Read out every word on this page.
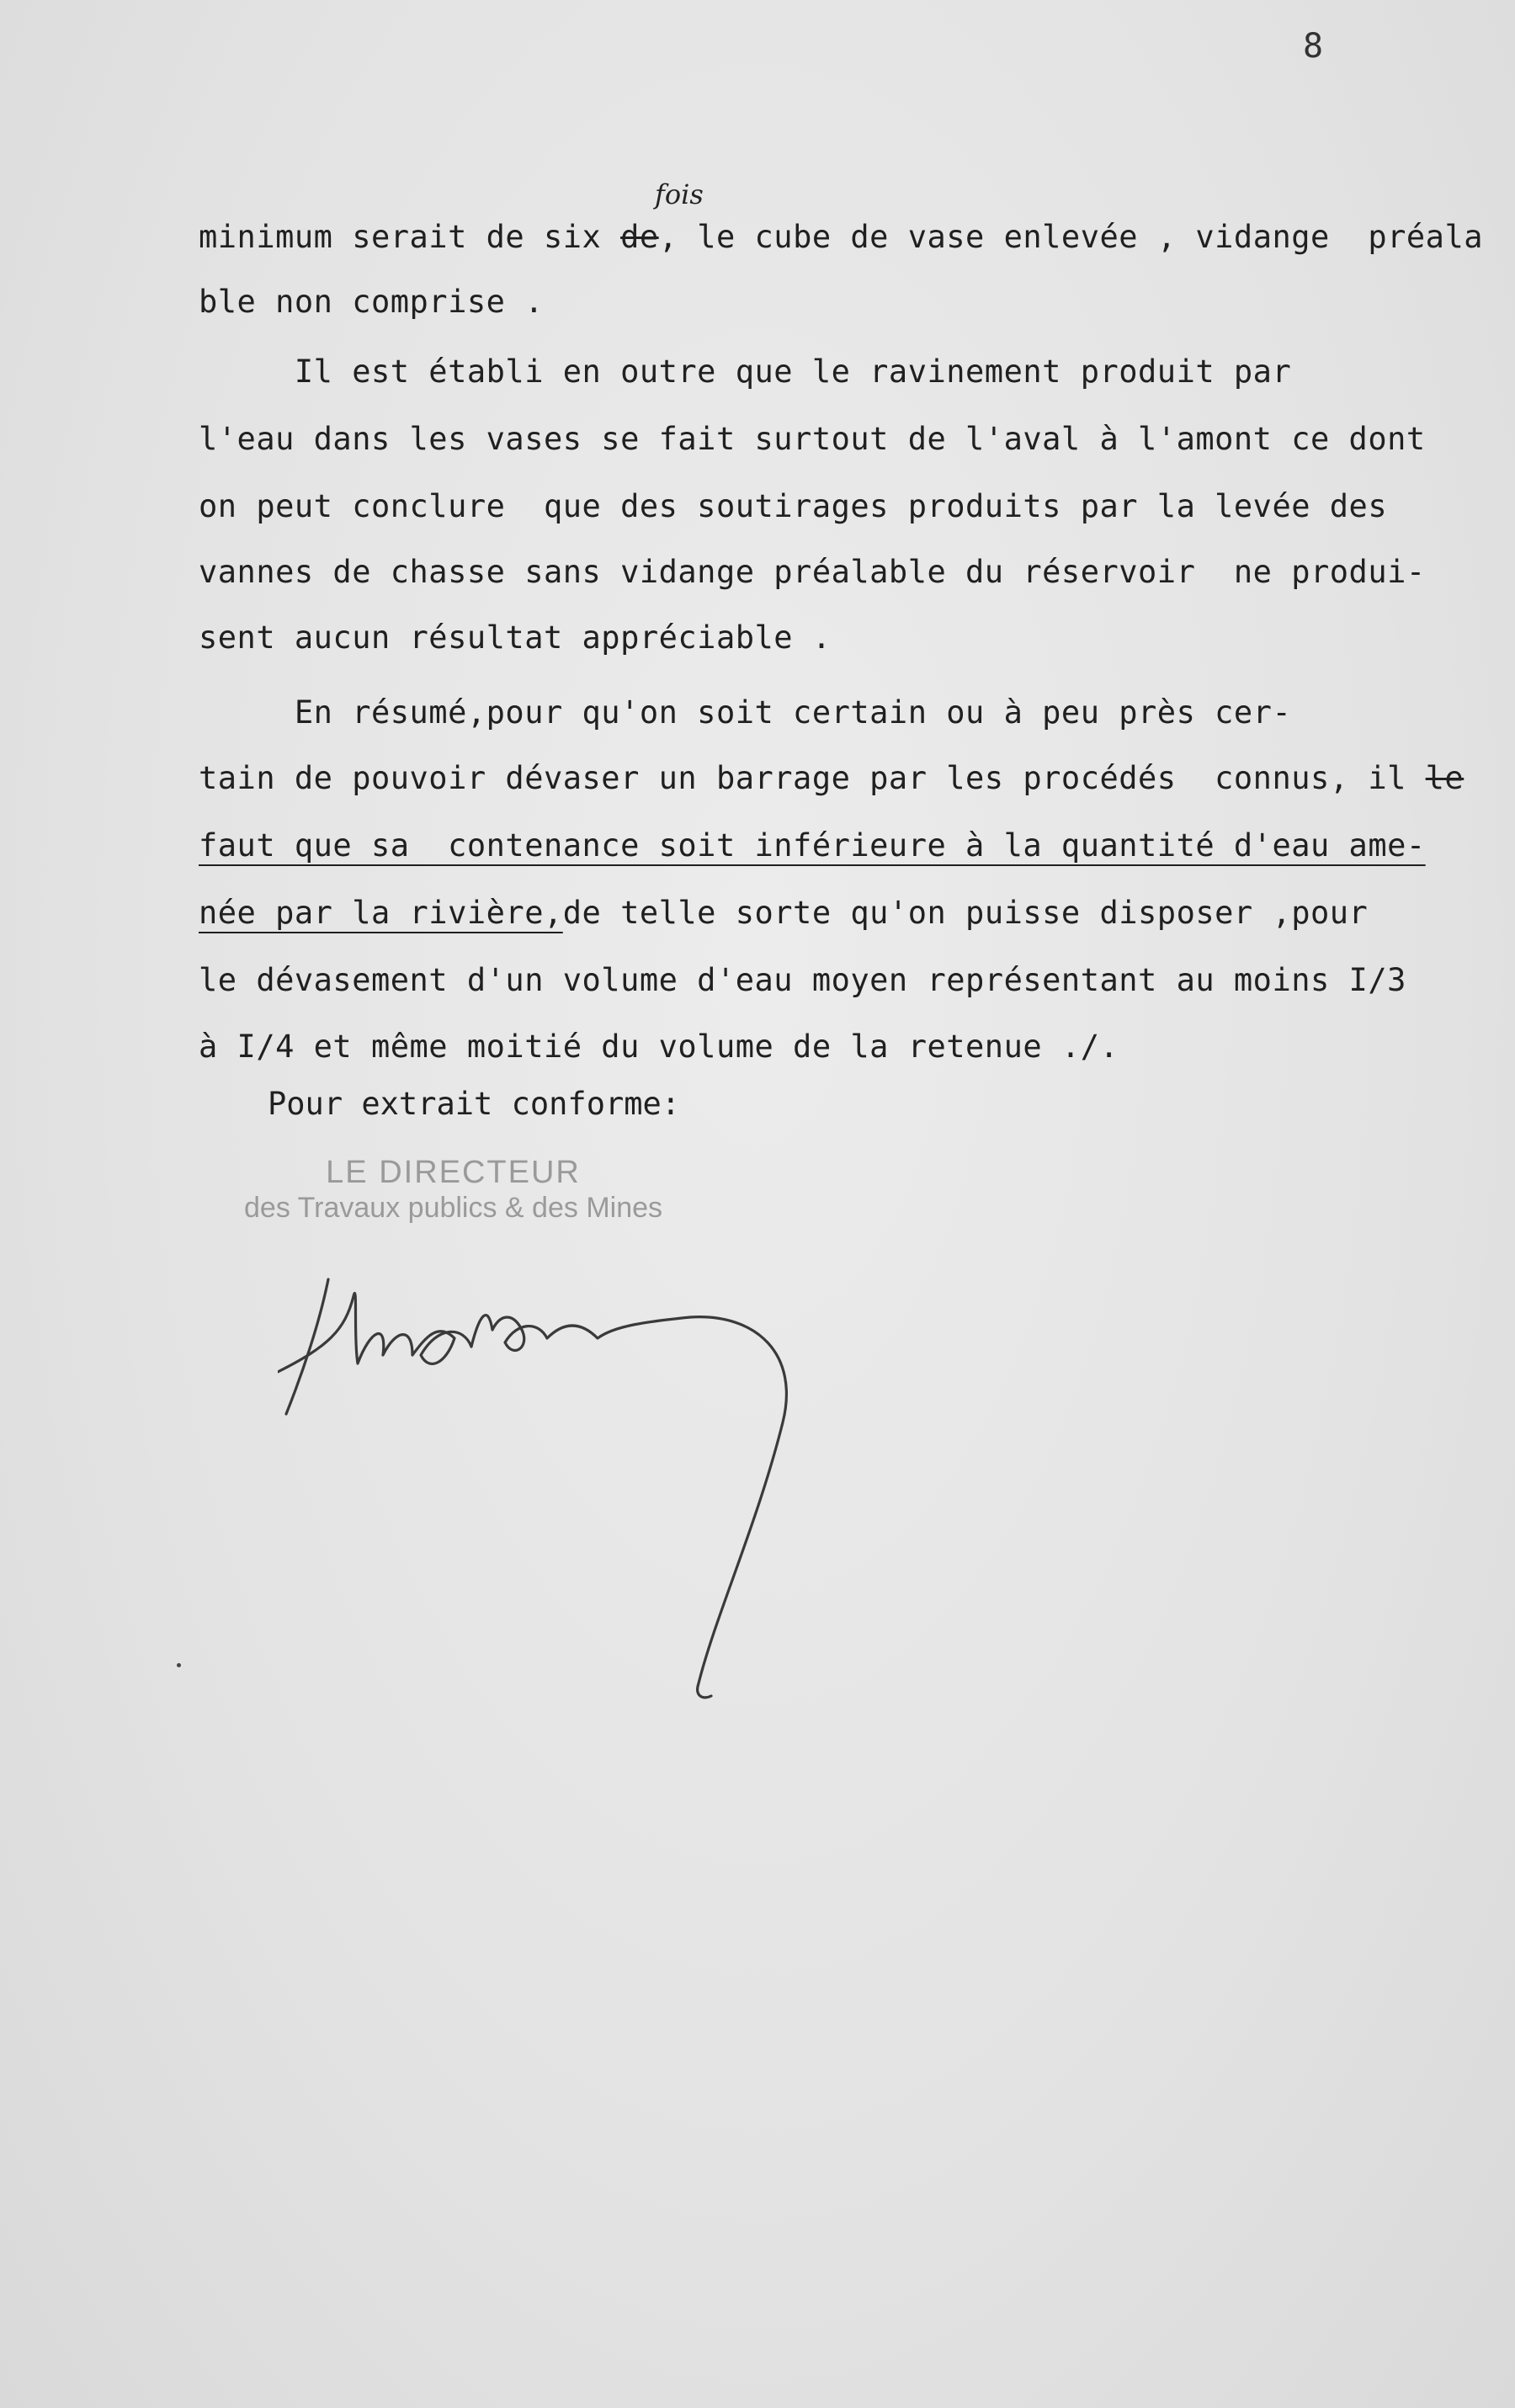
8
fois
minimum serait de six de, le cube de vase enlevée , vidange  préala
ble non comprise .
Il est établi en outre que le ravinement produit par
l'eau dans les vases se fait surtout de l'aval à l'amont ce dont
on peut conclure  que des soutirages produits par la levée des
vannes de chasse sans vidange préalable du réservoir  ne produi-
sent aucun résultat appréciable .
En résumé,pour qu'on soit certain ou à peu près cer-
tain de pouvoir dévaser un barrage par les procédés  connus, il le
faut que sa  contenance soit inférieure à la quantité d'eau ame-
née par la rivière,de telle sorte qu'on puisse disposer ,pour
le dévasement d'un volume d'eau moyen représentant au moins I/3
à I/4 et même moitié du volume de la retenue ./.
Pour extrait conforme:
LE DIRECTEUR
des Travaux publics & des Mines
